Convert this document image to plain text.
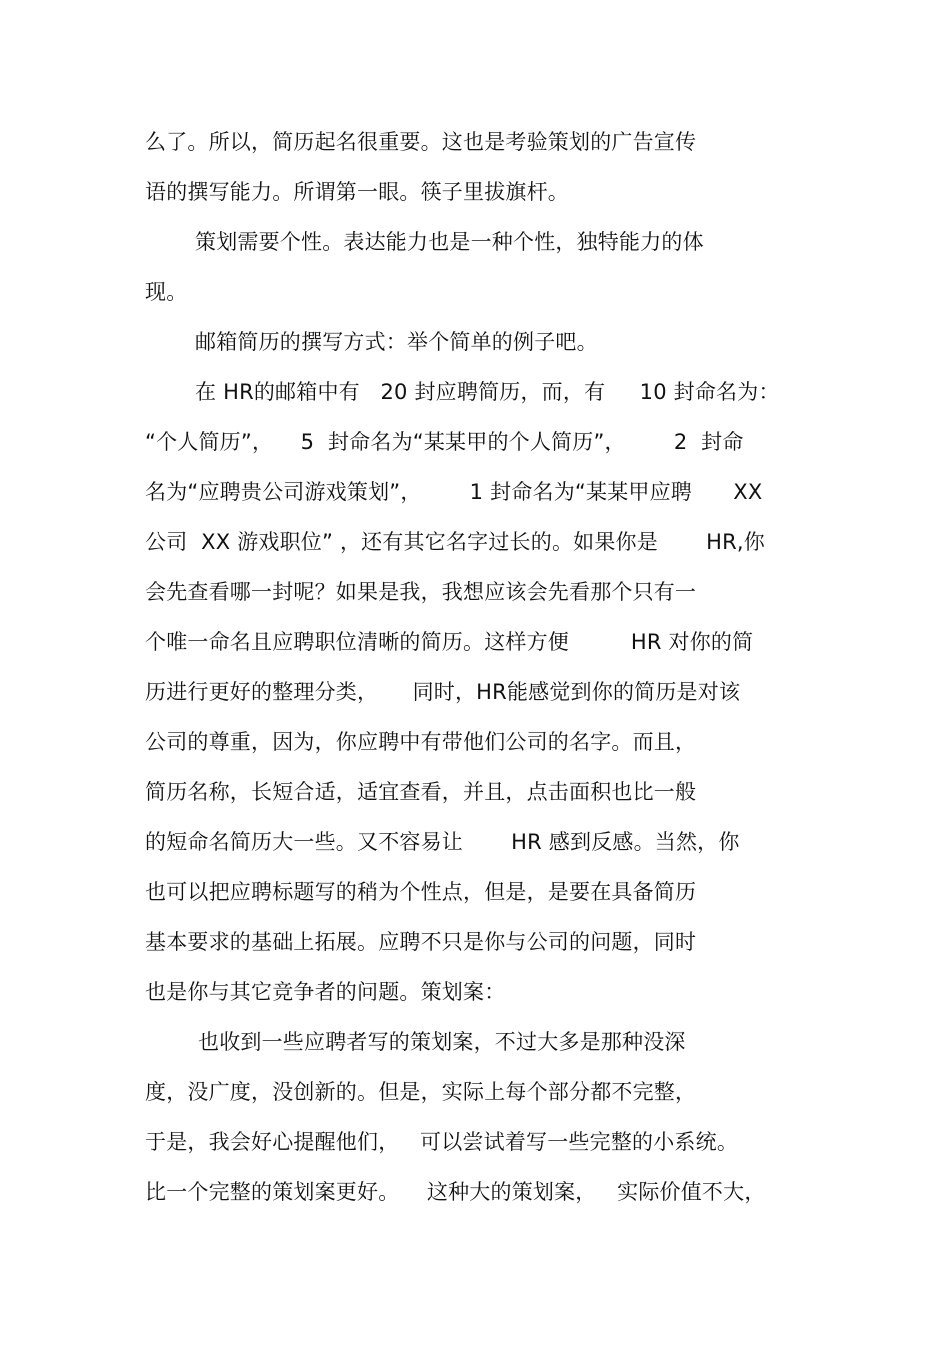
么了。所以，简历起名很重要。这也是考验策划的广告宣传

语的撰写能力。所谓第一眼。筷子里拔旗杆。

策划需要个性。表达能力也是一种个性，独特能力的体

现。

邮箱简历的撰写方式：举个简单的例子吧。

在 HR的邮箱中有   20 封应聘简历，而，有     10 封命名为：

“个人简历”，    5  封命名为“某某甲的个人简历”，       2  封命

名为“应聘贵公司游戏策划”，       1 封命名为“某某甲应聘      XX

公司  XX 游戏职位” ，还有其它名字过长的。如果你是       HR,你

会先查看哪一封呢？如果是我，我想应该会先看那个只有一

个唯一命名且应聘职位清晰的简历。这样方便         HR 对你的简

历进行更好的整理分类，     同时，HR能感觉到你的简历是对该

公司的尊重，因为，你应聘中有带他们公司的名字。而且，

简历名称，长短合适，适宜查看，并且，点击面积也比一般

的短命名简历大一些。又不容易让       HR 感到反感。当然，你

也可以把应聘标题写的稍为个性点，但是，是要在具备简历

基本要求的基础上拓展。应聘不只是你与公司的问题，同时

也是你与其它竞争者的问题。策划案：

也收到一些应聘者写的策划案，不过大多是那种没深

度，没广度，没创新的。但是，实际上每个部分都不完整，

于是，我会好心提醒他们，   可以尝试着写一些完整的小系统。

比一个完整的策划案更好。    这种大的策划案，   实际价值不大，
